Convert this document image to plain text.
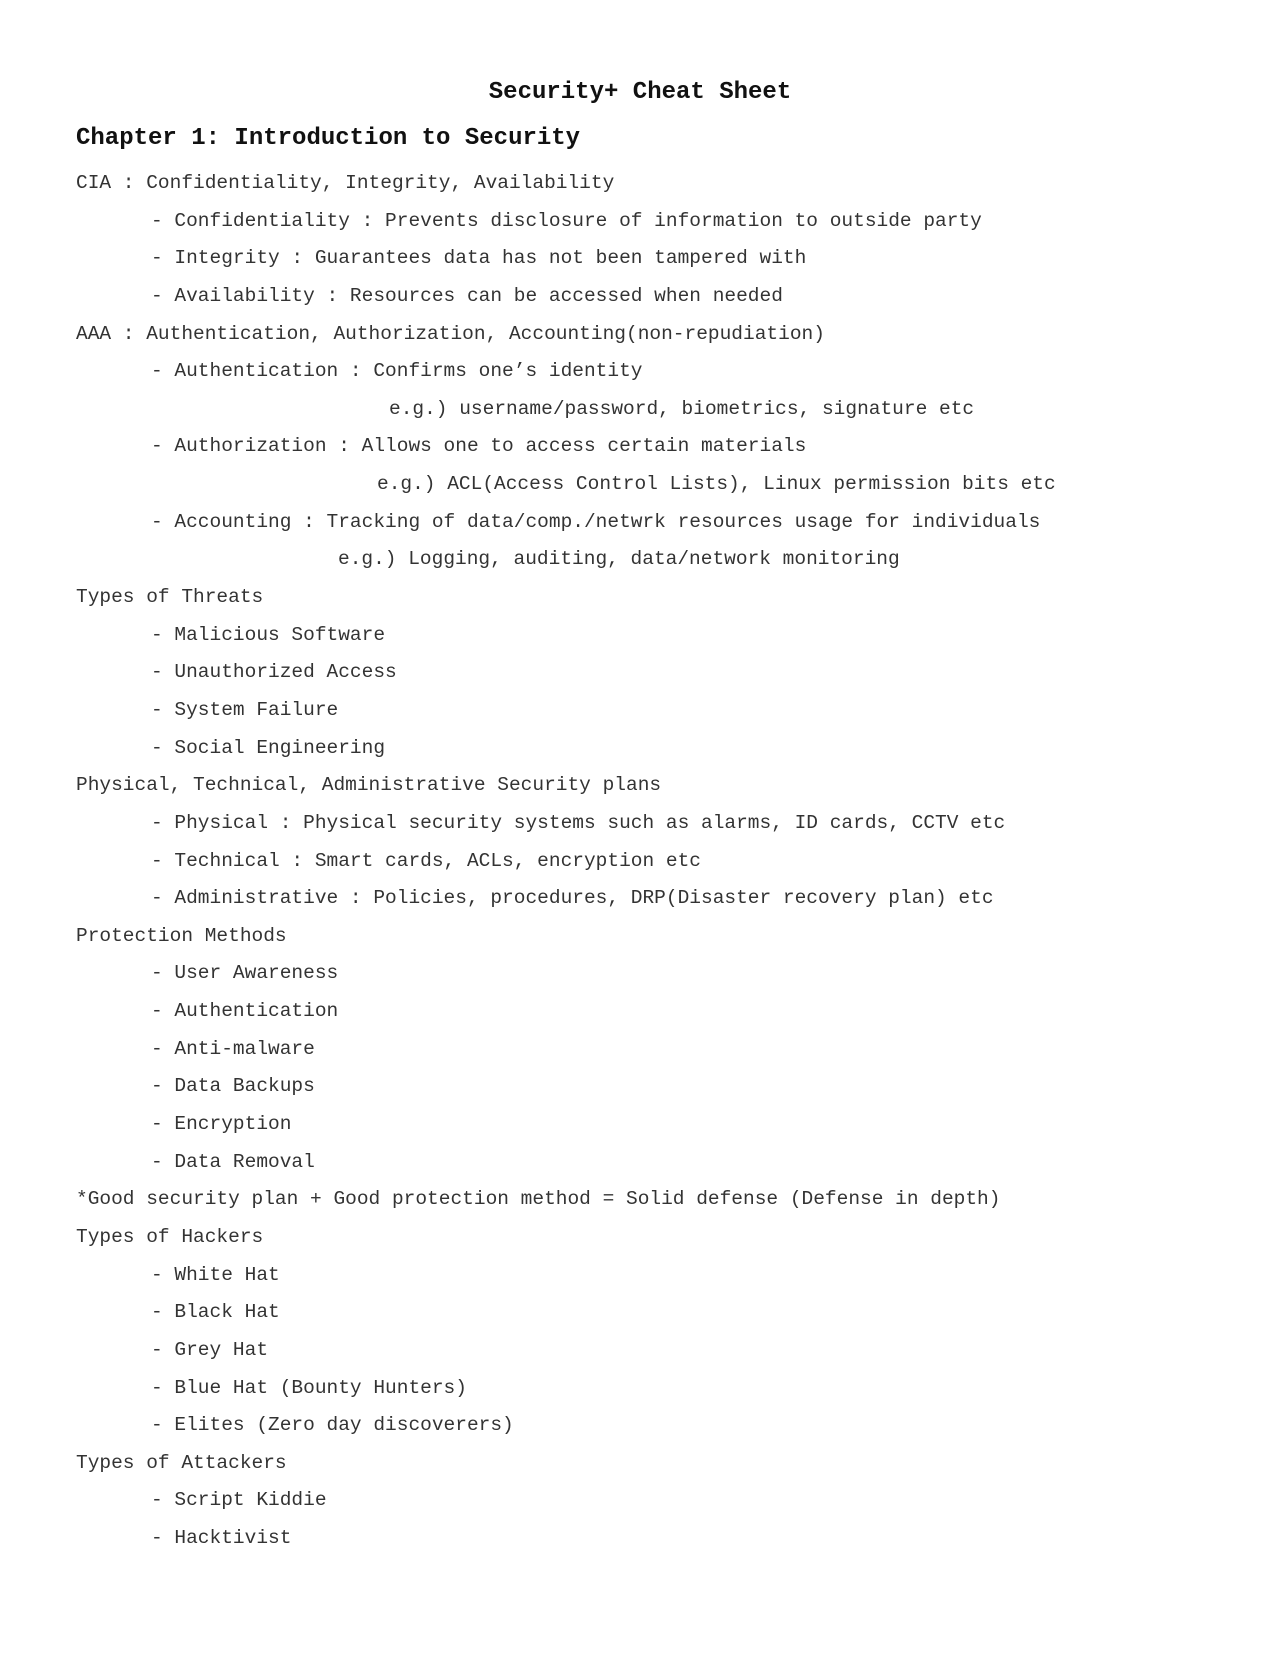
Security+ Cheat Sheet
Chapter 1: Introduction to Security
CIA : Confidentiality, Integrity, Availability
- Confidentiality : Prevents disclosure of information to outside party
- Integrity : Guarantees data has not been tampered with
- Availability : Resources can be accessed when needed
AAA : Authentication, Authorization, Accounting(non-repudiation)
- Authentication : Confirms one’s identity
e.g.) username/password, biometrics, signature etc
- Authorization : Allows one to access certain materials
e.g.) ACL(Access Control Lists), Linux permission bits etc
- Accounting : Tracking of data/comp./netwrk resources usage for individuals
e.g.) Logging, auditing, data/network monitoring
Types of Threats
- Malicious Software
- Unauthorized Access
- System Failure
- Social Engineering
Physical, Technical, Administrative Security plans
- Physical : Physical security systems such as alarms, ID cards, CCTV etc
- Technical : Smart cards, ACLs, encryption etc
- Administrative : Policies, procedures, DRP(Disaster recovery plan) etc
Protection Methods
- User Awareness
- Authentication
- Anti-malware
- Data Backups
- Encryption
- Data Removal
*Good security plan + Good protection method = Solid defense (Defense in depth)
Types of Hackers
- White Hat
- Black Hat
- Grey Hat
- Blue Hat (Bounty Hunters)
- Elites (Zero day discoverers)
Types of Attackers
- Script Kiddie
- Hacktivist
